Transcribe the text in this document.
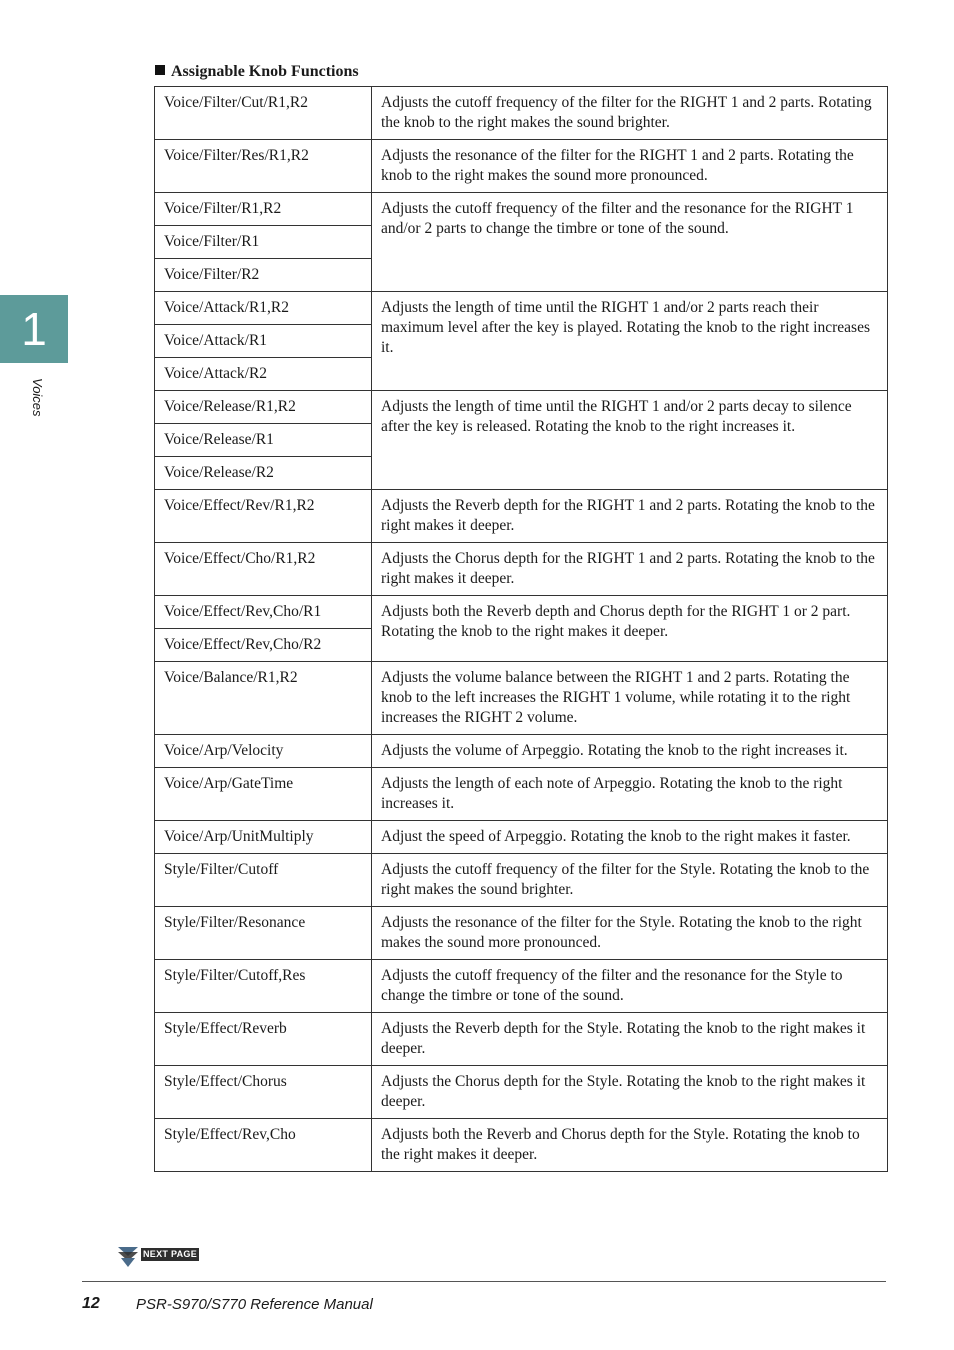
1
Voices
Assignable Knob Functions
Voice/Filter/Cut/R1,R2	Adjusts the cutoff frequency of the filter for the RIGHT 1 and 2 parts. Rotating the knob to the right makes the sound brighter.
Voice/Filter/Res/R1,R2	Adjusts the resonance of the filter for the RIGHT 1 and 2 parts. Rotating the knob to the right makes the sound more pronounced.
Voice/Filter/R1,R2	Adjusts the cutoff frequency of the filter and the resonance for the RIGHT 1 and/or 2 parts to change the timbre or tone of the sound.
Voice/Filter/R1	
Voice/Filter/R2	
Voice/Attack/R1,R2	Adjusts the length of time until the RIGHT 1 and/or 2 parts reach their maximum level after the key is played. Rotating the knob to the right increases it.
Voice/Attack/R1	
Voice/Attack/R2	
Voice/Release/R1,R2	Adjusts the length of time until the RIGHT 1 and/or 2 parts decay to silence after the key is released. Rotating the knob to the right increases it.
Voice/Release/R1	
Voice/Release/R2	
Voice/Effect/Rev/R1,R2	Adjusts the Reverb depth for the RIGHT 1 and 2 parts. Rotating the knob to the right makes it deeper.
Voice/Effect/Cho/R1,R2	Adjusts the Chorus depth for the RIGHT 1 and 2 parts. Rotating the knob to the right makes it deeper.
Voice/Effect/Rev,Cho/R1	Adjusts both the Reverb depth and Chorus depth for the RIGHT 1 or 2 part. Rotating the knob to the right makes it deeper.
Voice/Effect/Rev,Cho/R2	
Voice/Balance/R1,R2	Adjusts the volume balance between the RIGHT 1 and 2 parts. Rotating the knob to the left increases the RIGHT 1 volume, while rotating it to the right increases the RIGHT 2 volume.
Voice/Arp/Velocity	Adjusts the volume of Arpeggio. Rotating the knob to the right increases it.
Voice/Arp/GateTime	Adjusts the length of each note of Arpeggio. Rotating the knob to the right increases it.
Voice/Arp/UnitMultiply	Adjust the speed of Arpeggio. Rotating the knob to the right makes it faster.
Style/Filter/Cutoff	Adjusts the cutoff frequency of the filter for the Style. Rotating the knob to the right makes the sound brighter.
Style/Filter/Resonance	Adjusts the resonance of the filter for the Style. Rotating the knob to the right makes the sound more pronounced.
Style/Filter/Cutoff,Res	Adjusts the cutoff frequency of the filter and the resonance for the Style to change the timbre or tone of the sound.
Style/Effect/Reverb	Adjusts the Reverb depth for the Style. Rotating the knob to the right makes it deeper.
Style/Effect/Chorus	Adjusts the Chorus depth for the Style. Rotating the knob to the right makes it deeper.
Style/Effect/Rev,Cho	Adjusts both the Reverb and Chorus depth for the Style. Rotating the knob to the right makes it deeper.
NEXT PAGE
12 PSR-S970/S770 Reference Manual
